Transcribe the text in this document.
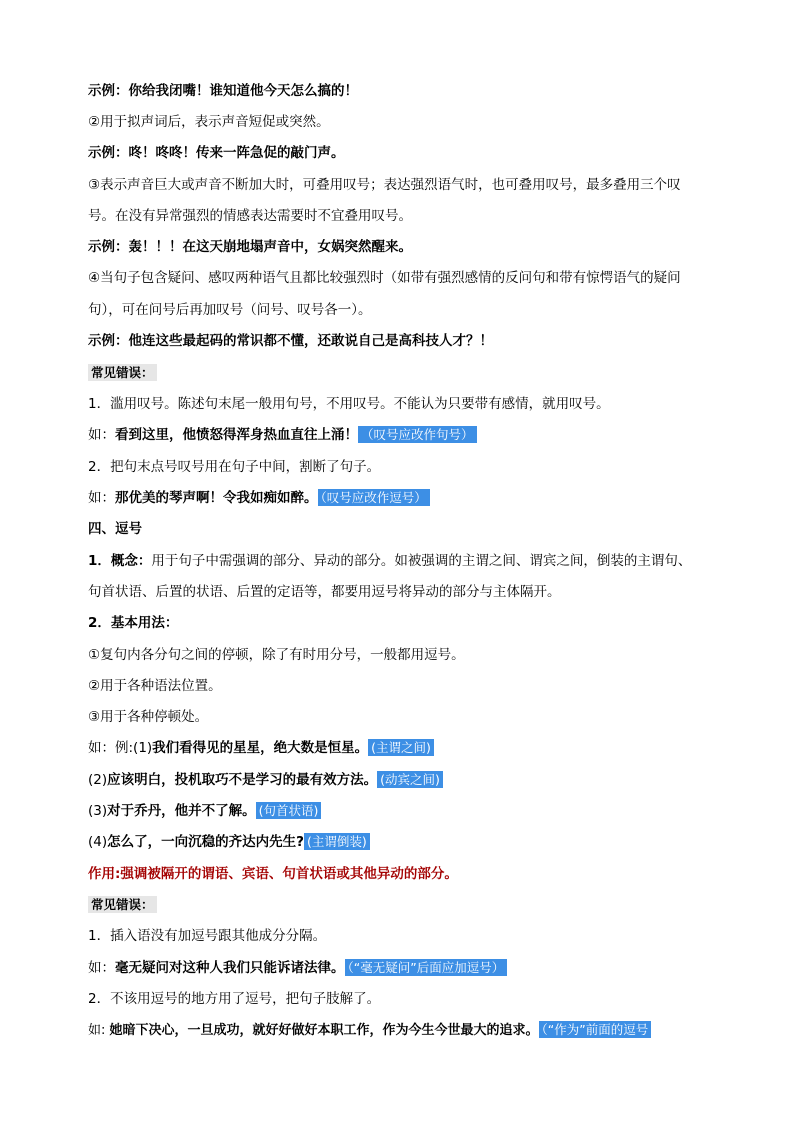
示例：你给我闭嘴！谁知道他今天怎么搞的！
②用于拟声词后，表示声音短促或突然。
示例：咚！咚咚！传来一阵急促的敲门声。
③表示声音巨大或声音不断加大时，可叠用叹号；表达强烈语气时，也可叠用叹号，最多叠用三个叹
号。在没有异常强烈的情感表达需要时不宜叠用叹号。
示例：轰！！！在这天崩地塌声音中，女娲突然醒来。
④当句子包含疑问、感叹两种语气且都比较强烈时（如带有强烈感情的反问句和带有惊愕语气的疑问
句），可在问号后再加叹号（问号、叹号各一）。
示例：他连这些最起码的常识都不懂，还敢说自己是高科技人才？！
常见错误：
1．滥用叹号。陈述句末尾一般用句号，不用叹号。不能认为只要带有感情，就用叹号。
如：看到这里，他愤怒得浑身热血直往上涌！ （叹号应改作句号）
2．把句末点号叹号用在句子中间，割断了句子。
如：那优美的琴声啊！令我如痴如醉。 （叹号应改作逗号）
四、逗号
1．概念：用于句子中需强调的部分、异动的部分。如被强调的主谓之间、谓宾之间，倒装的主谓句、
句首状语、后置的状语、后置的定语等，都要用逗号将异动的部分与主体隔开。
2．基本用法：
①复句内各分句之间的停顿，除了有时用分号，一般都用逗号。
②用于各种语法位置。
③用于各种停顿处。
如：例:(1)我们看得见的星星，绝大数是恒星。 (主谓之间)
(2)应该明白，投机取巧不是学习的最有效方法。 (动宾之间)
(3)对于乔丹，他并不了解。 (句首状语)
(4)怎么了，一向沉稳的齐达内先生? (主谓倒装)
作用:强调被隔开的谓语、宾语、句首状语或其他异动的部分。
常见错误：
1．插入语没有加逗号跟其他成分分隔。
如：毫无疑问对这种人我们只能诉诸法律。 （“毫无疑问”后面应加逗号）
2．不该用逗号的地方用了逗号，把句子肢解了。
如: 她暗下决心，一旦成功，就好好做好本职工作，作为今生今世最大的追求。 （“作为”前面的逗号
